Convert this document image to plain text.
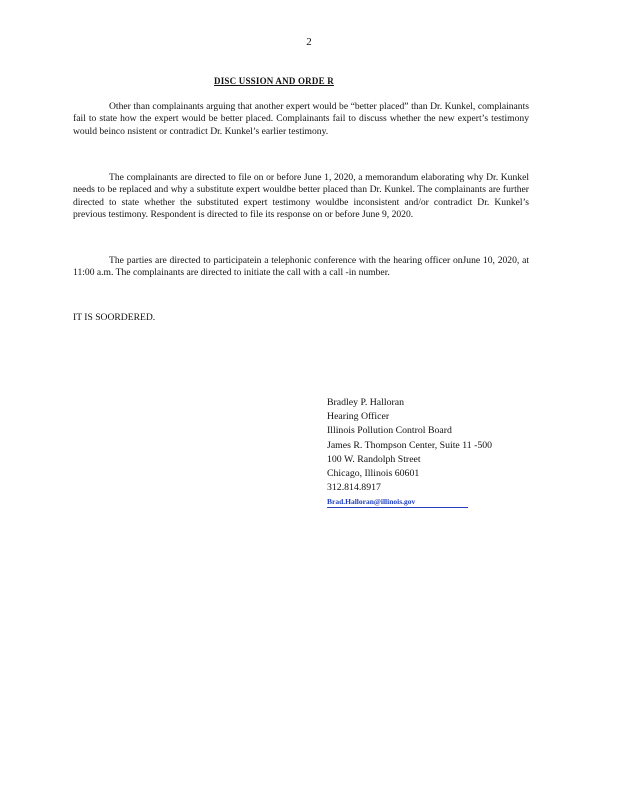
2
DISC USSION AND ORDE R

Other than complainants arguing that another expert would be “better placed” than Dr. Kunkel, complainants fail to state how the expert would be better placed. Complainants fail to discuss whether the new expert’s testimony would beinco nsistent or contradict Dr. Kunkel’s earlier testimony.

The complainants are directed to file on or before June 1, 2020, a memorandum elaborating why Dr. Kunkel needs to be replaced and why a substitute expert wouldbe better placed than Dr. Kunkel. The complainants are further directed to state whether the substituted expert testimony wouldbe inconsistent and/or contradict Dr. Kunkel’s previous testimony. Respondent is directed to file its response on or before June 9, 2020.

The parties are directed to participatein a telephonic conference with the hearing officer onJune 10, 2020, at 11:00 a.m. The complainants are directed to initiate the call with a call -in number.

IT IS SOORDERED.

Bradley P. Halloran
Hearing Officer
Illinois Pollution Control Board
James R. Thompson Center, Suite 11 -500
100 W. Randolph Street
Chicago, Illinois 60601
312.814.8917
Brad.Halloran@illinois.gov
